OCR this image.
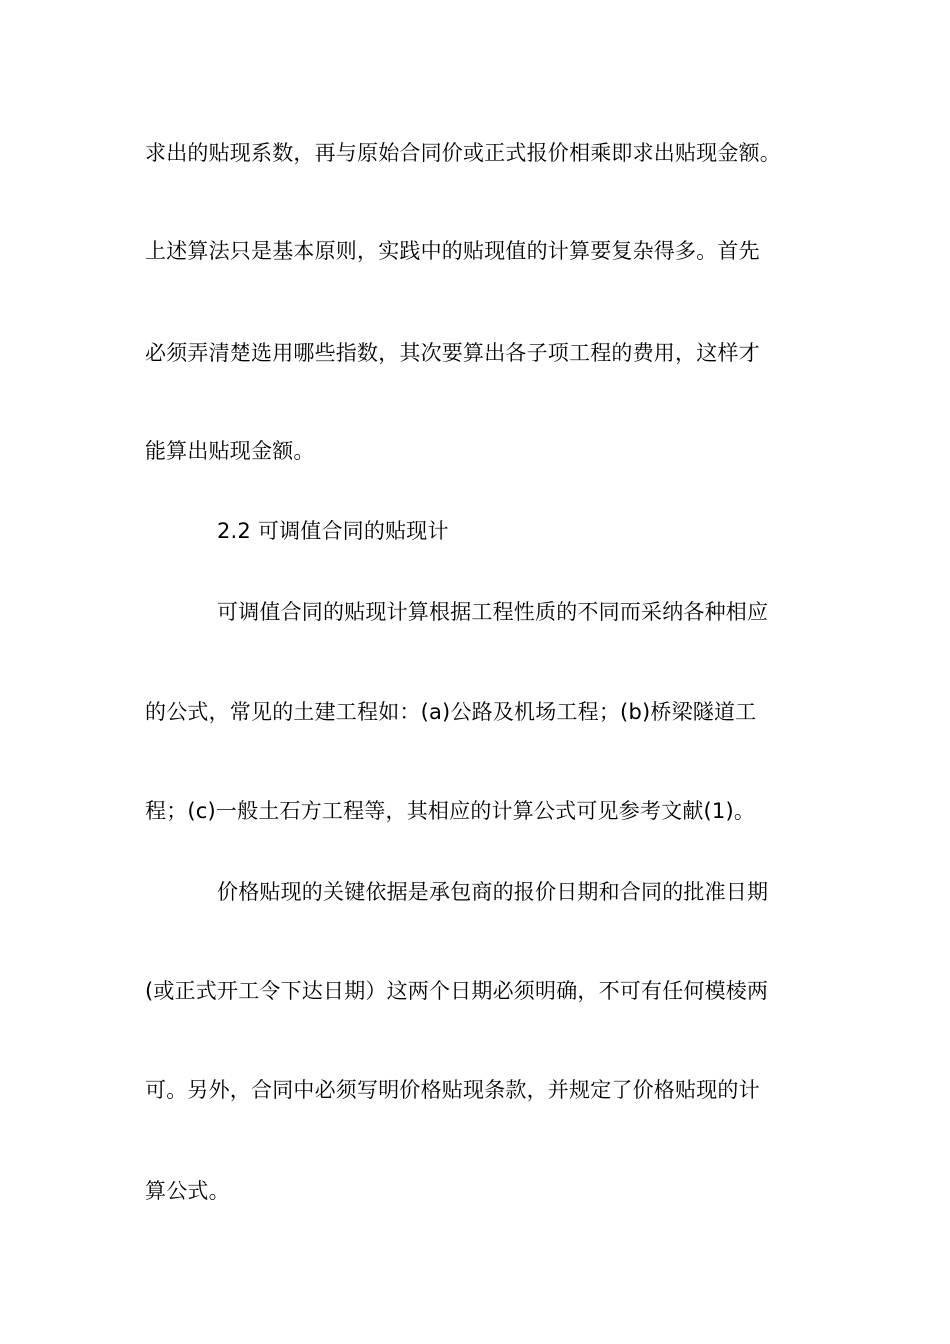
求出的贴现系数，再与原始合同价或正式报价相乘即求出贴现金额。
上述算法只是基本原则，实践中的贴现值的计算要复杂得多。首先
必须弄清楚选用哪些指数，其次要算出各子项工程的费用，这样才
能算出贴现金额。
2.2 可调值合同的贴现计
可调值合同的贴现计算根据工程性质的不同而采纳各种相应
的公式，常见的土建工程如：(a)公路及机场工程；(b)桥梁隧道工
程；(c)一般土石方工程等，其相应的计算公式可见参考文献(1)。
价格贴现的关键依据是承包商的报价日期和合同的批准日期
(或正式开工令下达日期）这两个日期必须明确，不可有任何模棱两
可。另外，合同中必须写明价格贴现条款，并规定了价格贴现的计
算公式。
